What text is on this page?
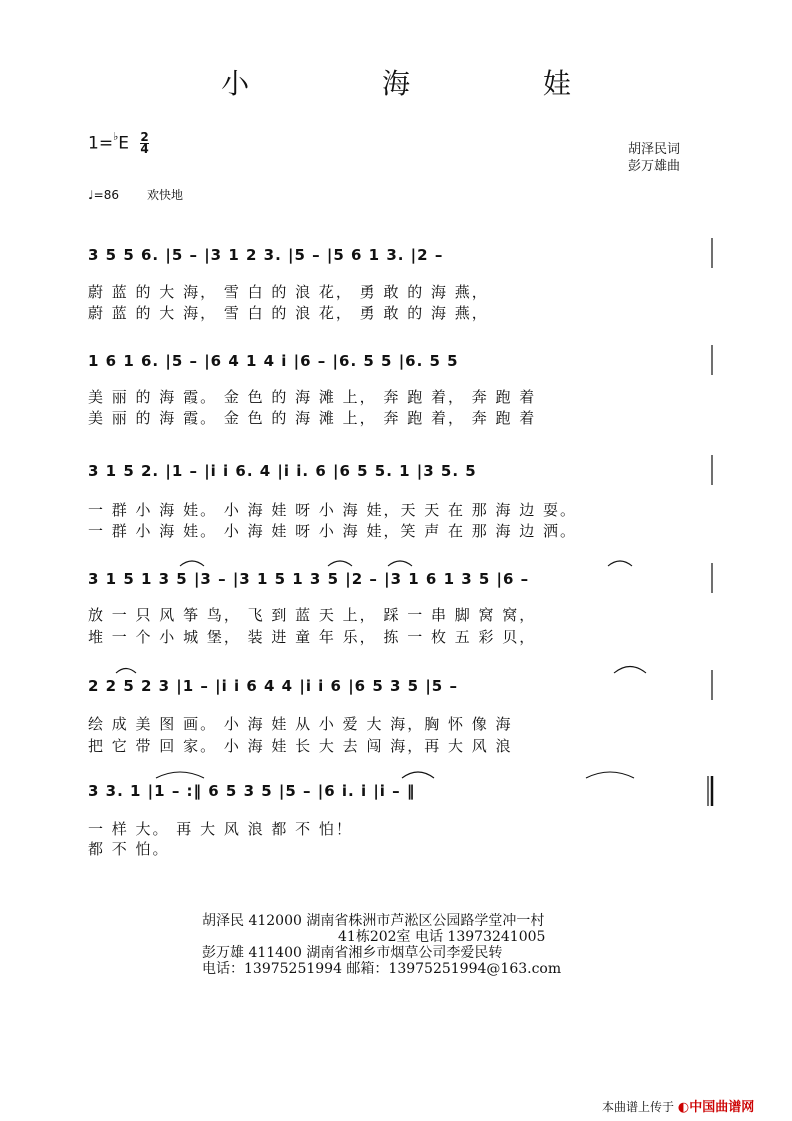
小 海 娃
$1=^♭E \frac{2}{4}$	胡泽民词
彭万雄曲
♩=86 欢快地
3 5 5 6. |5 – |3 1 2 3. |5 – |5 6 1 3. |2 –
蔚 蓝 的 大 海， 雪 白 的 浪 花， 勇 敢 的 海 燕，
蔚 蓝 的 大 海， 雪 白 的 浪 花， 勇 敢 的 海 燕，
1 6 1 6. |5 – |6 4 1 4 i |6 – |6. 5 5 |6. 5 5
美 丽 的 海 霞。 金 色 的 海 滩 上， 奔 跑 着， 奔 跑 着
美 丽 的 海 霞。 金 色 的 海 滩 上， 奔 跑 着， 奔 跑 着
3 1 5 2. |1 – |i i 6. 4 |i i. 6 |6 5 5. 1 |3 5. 5
一 群 小 海 娃。 小 海 娃 呀 小 海 娃，天 天 在 那 海 边 耍。
一 群 小 海 娃。 小 海 娃 呀 小 海 娃，笑 声 在 那 海 边 洒。
3 1 5 1 3 5 |3 – |3 1 5 1 3 5 |2 – |3 1 6 1 3 5 |6 –
放 一 只 风 筝 鸟， 飞 到 蓝 天 上， 踩 一 串 脚 窝 窝，
堆 一 个 小 城 堡， 装 进 童 年 乐， 拣 一 枚 五 彩 贝，
2 2 5 2 3 |1 – |i i 6 4 4 |i i 6 |6 5 3 5 |5 –
绘 成 美 图 画。 小 海 娃 从 小 爱 大 海，胸 怀 像 海
把 它 带 回 家。 小 海 娃 长 大 去 闯 海，再 大 风 浪
3 3. 1 |1 – :‖ 6 5 3 5 |5 – |6 i. i |i – ‖
一 样 大。 再 大 风 浪 都 不 怕！
都 不 怕。
胡泽民 412000 湖南省株洲市芦淞区公园路学堂冲一村
41栋202室 电话 13973241005
彭万雄 411400 湖南省湘乡市烟草公司李爱民转
电话：13975251994 邮箱：13975251994@163.com
本曲谱上传于 ◐中国曲谱网
